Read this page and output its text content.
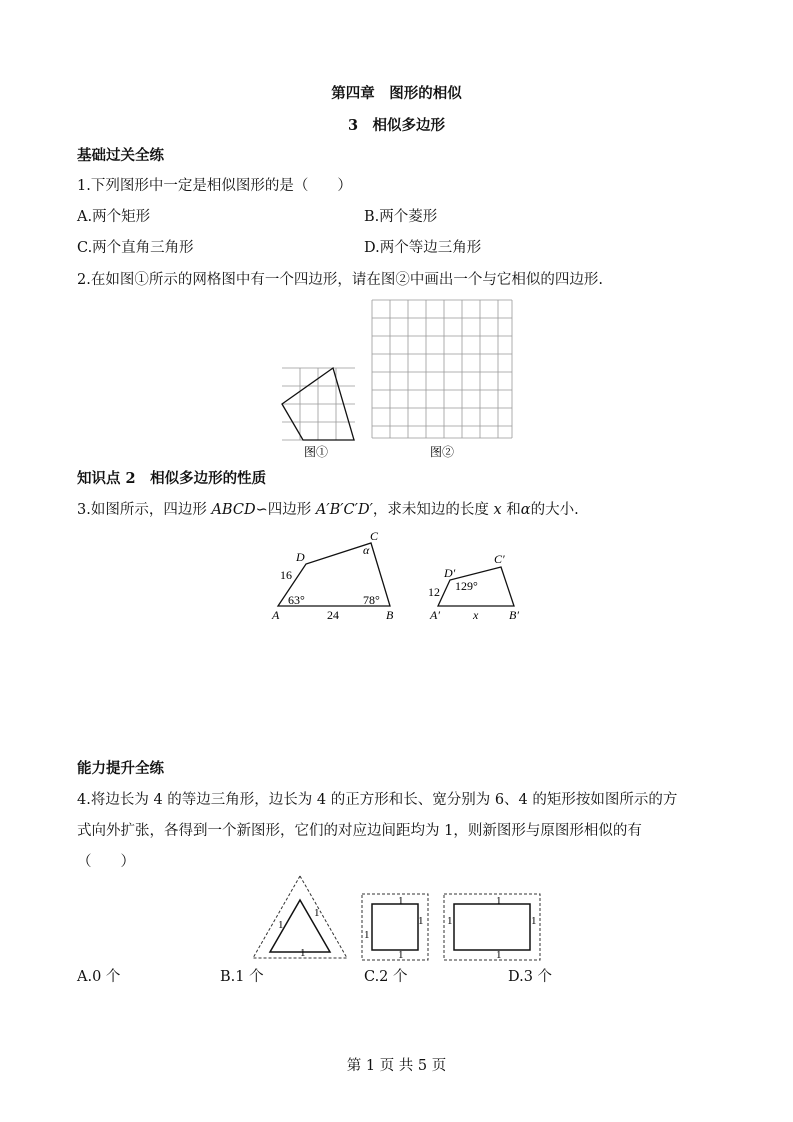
第四章　图形的相似
3　相似多边形
基础过关全练
1.下列图形中一定是相似图形的是（　　）
A.两个矩形	B.两个菱形
C.两个直角三角形	D.两个等边三角形
2.在如图①所示的网格图中有一个四边形，请在图②中画出一个与它相似的四边形.
图①	图②
知识点 2　相似多边形的性质
3.如图所示，四边形 ABCD∽四边形 A′B′C′D′，求未知边的长度 x 和α的大小.
A	B
C
D
16
24
63°	78°
α
A′	B′
C′
D′
12
x
129°
能力提升全练
4.将边长为 4 的等边三角形，边长为 4 的正方形和长、宽分别为 6、4 的矩形按如图所示的方
式向外扩张，各得到一个新图形，它们的对应边间距均为 1，则新图形与原图形相似的有
（　　）
1
1
1
1
1
1
1
1
1
1
1
A.0 个	B.1 个	C.2 个	D.3 个
第 1 页 共 5 页
